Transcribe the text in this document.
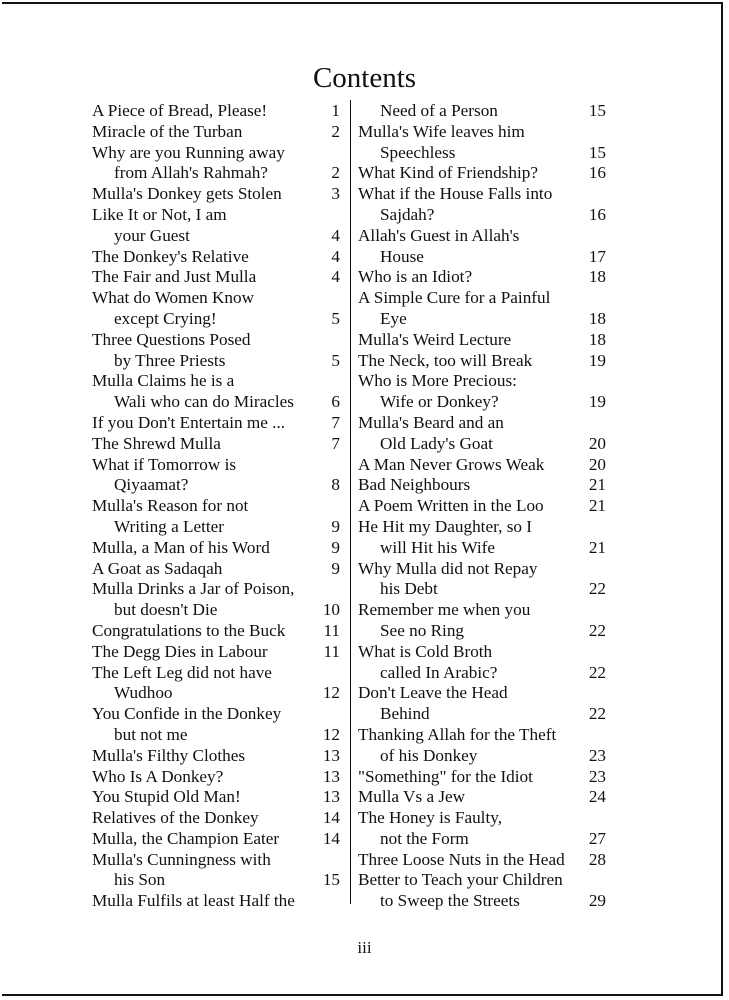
Contents
A Piece of Bread, Please!	1
Miracle of the Turban	2
Why are you Running away
from Allah's Rahmah?	2
Mulla's Donkey gets Stolen	3
Like It or Not, I am
your Guest	4
The Donkey's Relative	4
The Fair and Just Mulla	4
What do Women Know
except Crying!	5
Three Questions Posed
by Three Priests	5
Mulla Claims he is a
Wali who can do Miracles 6
If you Don't Entertain me ...	7
The Shrewd Mulla	7
What if Tomorrow is
Qiyaamat?	8
Mulla's Reason for not
Writing a Letter	9
Mulla, a Man of his Word	9
A Goat as Sadaqah	9
Mulla Drinks a Jar of Poison,
but doesn't Die	10
Congratulations to the Buck 11
The Degg Dies in Labour	11
The Left Leg did not have
Wudhoo	12
You Confide in the Donkey
but not me	12
Mulla's Filthy Clothes	13
Who Is A Donkey?	13
You Stupid Old Man!	13
Relatives of the Donkey	14
Mulla, the Champion Eater	14
Mulla's Cunningness with
his Son	15
Mulla Fulfils at least Half the
Need of a Person	15
Mulla's Wife leaves him
Speechless	15
What Kind of Friendship?	16
What if the House Falls into
Sajdah?	16
Allah's Guest in Allah's
House	17
Who is an Idiot?	18
A Simple Cure for a Painful
Eye	18
Mulla's Weird Lecture	18
The Neck, too will Break	19
Who is More Precious:
Wife or Donkey?	19
Mulla's Beard and an
Old Lady's Goat	20
A Man Never Grows Weak	20
Bad Neighbours	21
A Poem Written in the Loo	21
He Hit my Daughter, so I
will Hit his Wife	21
Why Mulla did not Repay
his Debt	22
Remember me when you
See no Ring	22
What is Cold Broth
called In Arabic?	22
Don't Leave the Head
Behind	22
Thanking Allah for the Theft
of his Donkey	23
"Something" for the Idiot	23
Mulla Vs a Jew	24
The Honey is Faulty,
not the Form	27
Three Loose Nuts in the Head 28
Better to Teach your Children
to Sweep the Streets	29
iii
